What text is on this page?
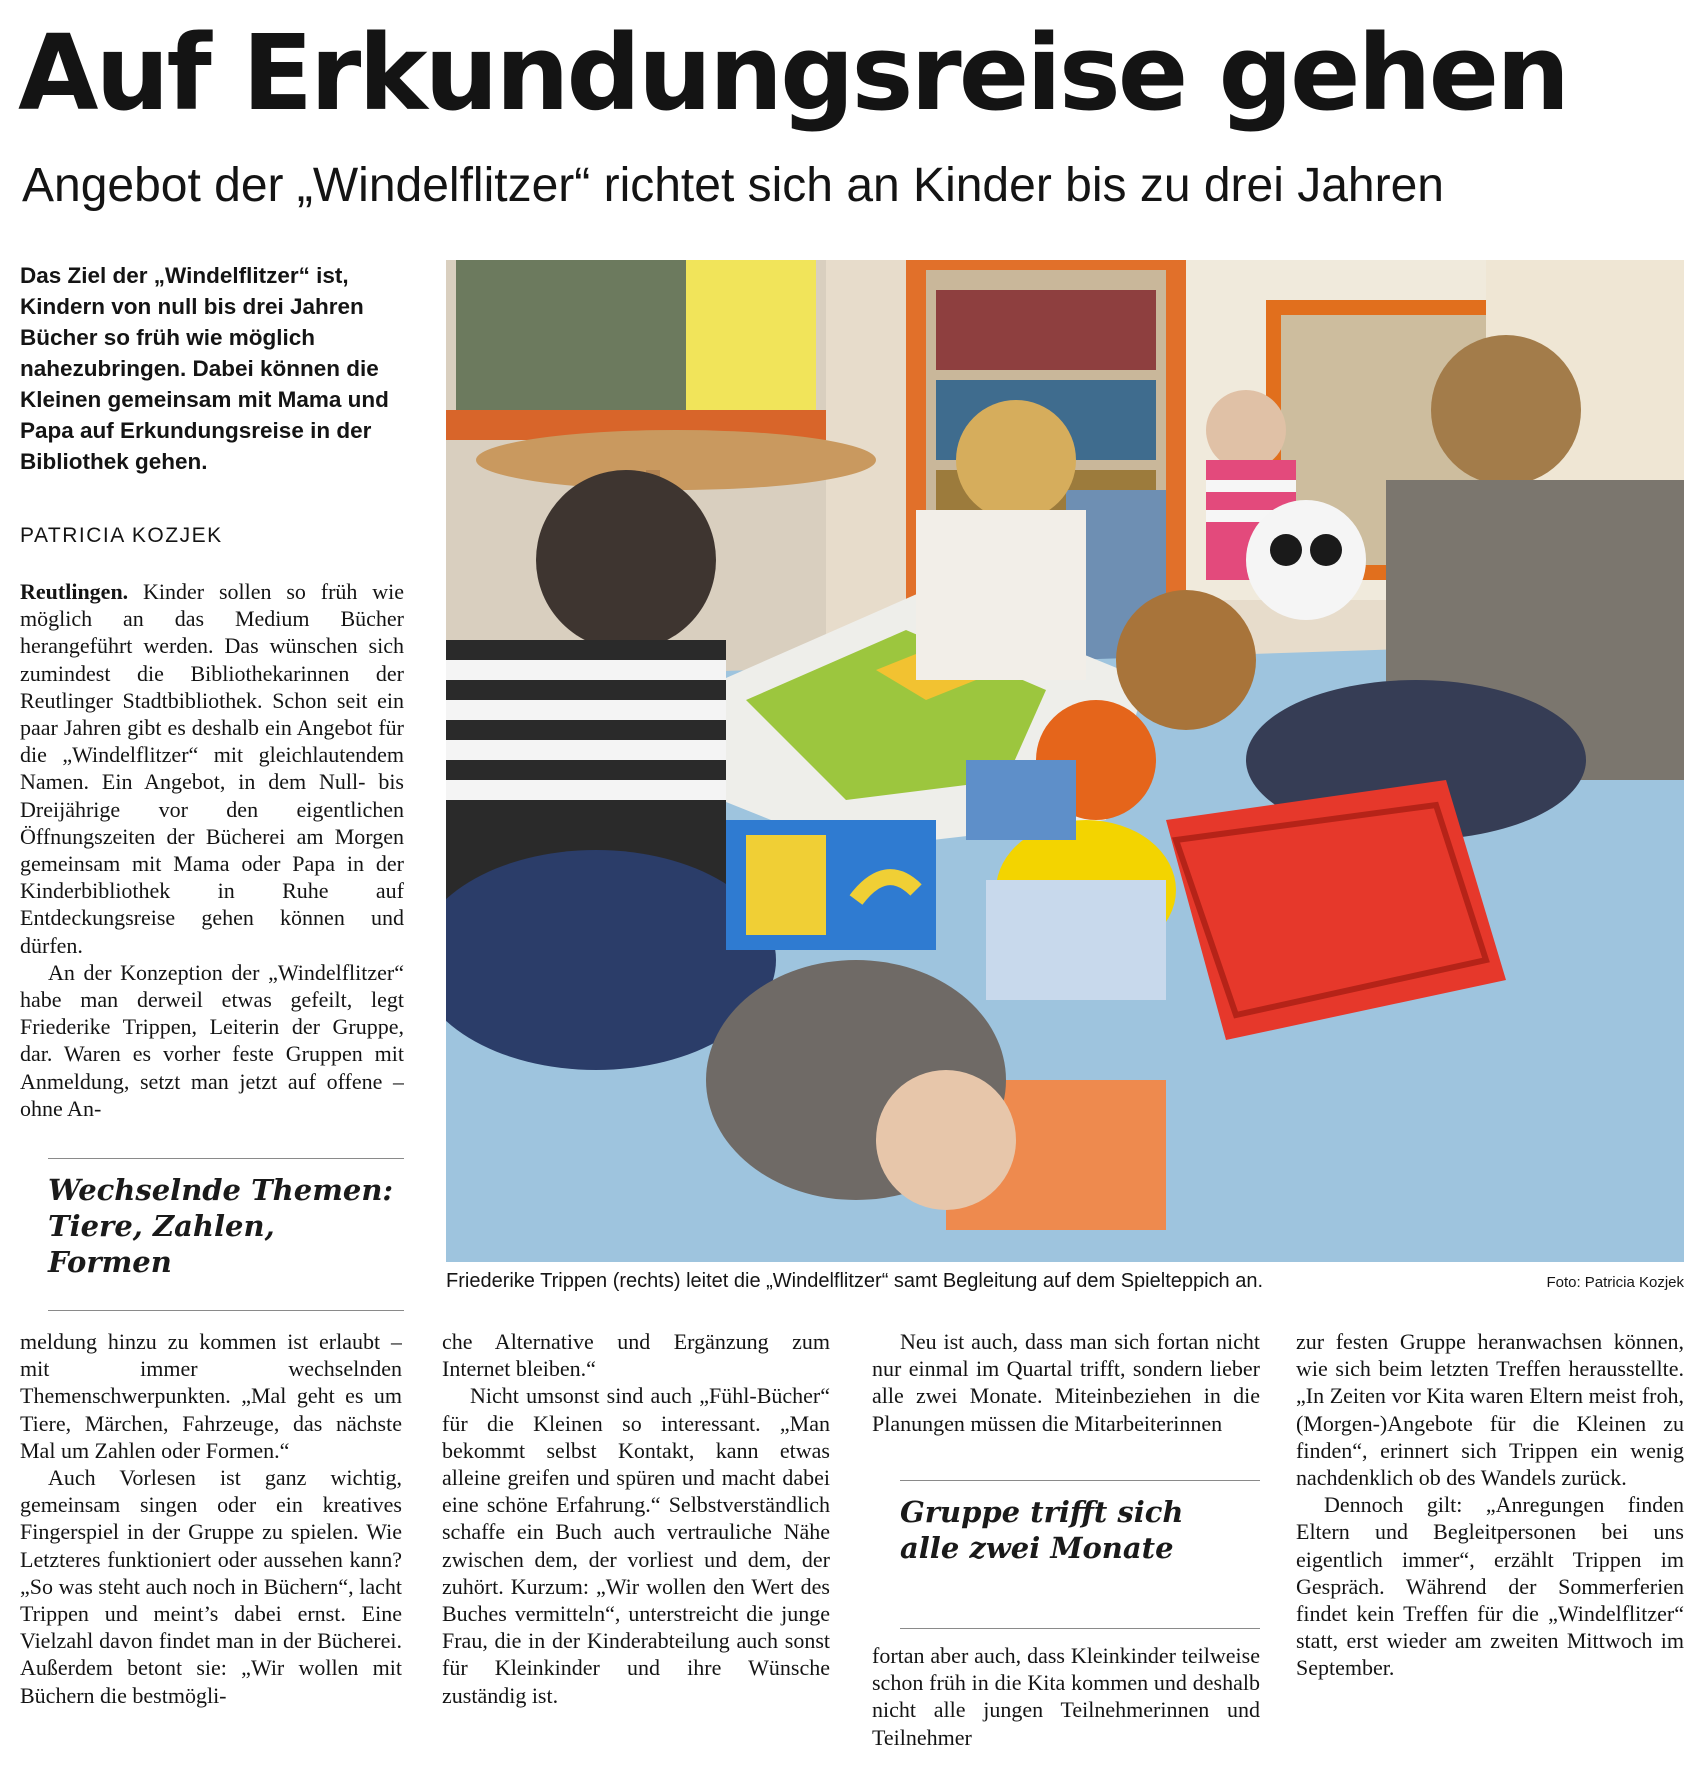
Auf Erkundungsreise gehen
Angebot der „Windelflitzer“ richtet sich an Kinder bis zu drei Jahren

Das Ziel der „Windelflitzer“ ist, Kindern von null bis drei Jahren Bücher so früh wie möglich nahezubringen. Dabei können die Kleinen gemeinsam mit Mama und Papa auf Erkundungsreise in der Bibliothek gehen.

PATRICIA KOZJEK

Reutlingen. Kinder sollen so früh wie möglich an das Medium Bücher herangeführt werden. Das wünschen sich zumindest die Bibliothekarinnen der Reutlinger Stadtbibliothek. Schon seit ein paar Jahren gibt es deshalb ein Angebot für die „Windelflitzer“ mit gleichlautendem Namen. Ein Angebot, in dem Null- bis Dreijährige vor den eigentlichen Öffnungszeiten der Bücherei am Morgen gemeinsam mit Mama oder Papa in der Kinderbibliothek in Ruhe auf Entdeckungsreise gehen können und dürfen.

An der Konzeption der „Windelflitzer“ habe man derweil etwas gefeilt, legt Friederike Trippen, Leiterin der Gruppe, dar. Waren es vorher feste Gruppen mit Anmeldung, setzt man jetzt auf offene – ohne An-

Wechselnde Themen: Tiere, Zahlen, Formen

Friederike Trippen (rechts) leitet die „Windelflitzer“ samt Begleitung auf dem Spielteppich an.	Foto: Patricia Kozjek

meldung hinzu zu kommen ist erlaubt – mit immer wechselnden Themenschwerpunkten. „Mal geht es um Tiere, Märchen, Fahrzeuge, das nächste Mal um Zahlen oder Formen.“

Auch Vorlesen ist ganz wichtig, gemeinsam singen oder ein kreatives Fingerspiel in der Gruppe zu spielen. Wie Letzteres funktioniert oder aussehen kann? „So was steht auch noch in Büchern“, lacht Trippen und meint’s dabei ernst. Eine Vielzahl davon findet man in der Bücherei. Außerdem betont sie: „Wir wollen mit Büchern die bestmögli-

che Alternative und Ergänzung zum Internet bleiben.“

Nicht umsonst sind auch „Fühl-Bücher“ für die Kleinen so interessant. „Man bekommt selbst Kontakt, kann etwas alleine greifen und spüren und macht dabei eine schöne Erfahrung.“ Selbstverständlich schaffe ein Buch auch vertrauliche Nähe zwischen dem, der vorliest und dem, der zuhört. Kurzum: „Wir wollen den Wert des Buches vermitteln“, unterstreicht die junge Frau, die in der Kinderabteilung auch sonst für Kleinkinder und ihre Wünsche zuständig ist.

Neu ist auch, dass man sich fortan nicht nur einmal im Quartal trifft, sondern lieber alle zwei Monate. Miteinbeziehen in die Planungen müssen die Mitarbeiterinnen

Gruppe trifft sich alle zwei Monate

fortan aber auch, dass Kleinkinder teilweise schon früh in die Kita kommen und deshalb nicht alle jungen Teilnehmerinnen und Teilnehmer

zur festen Gruppe heranwachsen können, wie sich beim letzten Treffen herausstellte. „In Zeiten vor Kita waren Eltern meist froh, (Morgen-)Angebote für die Kleinen zu finden“, erinnert sich Trippen ein wenig nachdenklich ob des Wandels zurück.

Dennoch gilt: „Anregungen finden Eltern und Begleitpersonen bei uns eigentlich immer“, erzählt Trippen im Gespräch. Während der Sommerferien findet kein Treffen für die „Windelflitzer“ statt, erst wieder am zweiten Mittwoch im September.
